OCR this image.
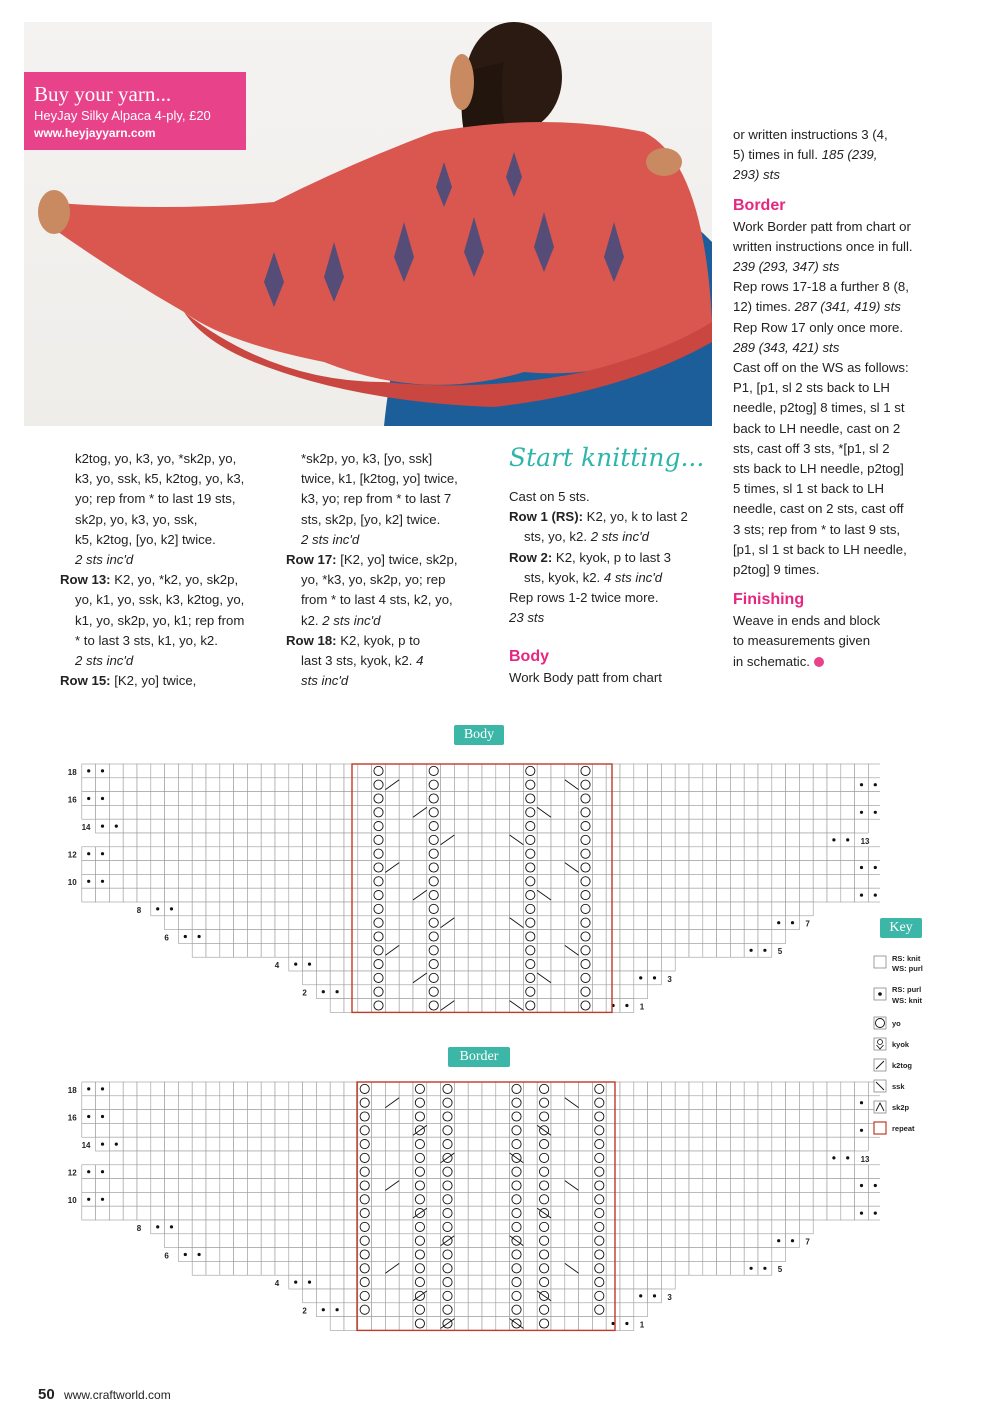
Buy your yarn...
HeyJay Silky Alpaca 4-ply, £20
www.heyjayyarn.com

k2tog, yo, k3, yo, *sk2p, yo,

k3, yo, ssk, k5, k2tog, yo, k3,

yo; rep from * to last 19 sts,

sk2p, yo, k3, yo, ssk,

k5, k2tog, [yo, k2] twice.

2 sts inc'd

Row 13: K2, yo, *k2, yo, sk2p,

yo, k1, yo, ssk, k3, k2tog, yo,

k1, yo, sk2p, yo, k1; rep from

* to last 3 sts, k1, yo, k2.

2 sts inc'd

Row 15: [K2, yo] twice,

*sk2p, yo, k3, [yo, ssk]

twice, k1, [k2tog, yo] twice,

k3, yo; rep from * to last 7

sts, sk2p, [yo, k2] twice.

2 sts inc'd

Row 17: [K2, yo] twice, sk2p,

yo, *k3, yo, sk2p, yo; rep

from * to last 4 sts, k2, yo,

k2. 2 sts inc'd

Row 18: K2, kyok, p to

last 3 sts, kyok, k2. 4

sts inc'd

Start knitting...

Cast on 5 sts.

Row 1 (RS): K2, yo, k to last 2

sts, yo, k2. 2 sts inc'd

Row 2: K2, kyok, p to last 3

sts, kyok, k2. 4 sts inc'd

Rep rows 1-2 twice more.

23 sts

Body

Work Body patt from chart

or written instructions 3 (4,

5) times in full. 185 (239,

293) sts

Border

Work Border patt from chart or

written instructions once in full.

239 (293, 347) sts

Rep rows 17-18 a further 8 (8,

12) times. 287 (341, 419) sts

Rep Row 17 only once more.

289 (343, 421) sts

Cast off on the WS as follows:

P1, [p1, sl 2 sts back to LH

needle, p2tog] 8 times, sl 1 st

back to LH needle, cast on 2

sts, cast off 3 sts, *[p1, sl 2

sts back to LH needle, p2tog]

5 times, sl 1 st back to LH

needle, cast on 2 sts, cast off

3 sts; rep from * to last 9 sts,

[p1, sl 1 st back to LH needle,

p2tog] 9 times.

Finishing

Weave in ends and block

to measurements given

in schematic.

Body
Border
18
16
14
13
12
10
8
7
6
5
4
3
2
1
18
16
14
13
12
10
8
7
6
5
4
3
2
1
Key
RS: knit
WS: purl
RS: purl
WS: knit
yo
kyok
k2tog
ssk
sk2p
repeat
50 www.craftworld.com
